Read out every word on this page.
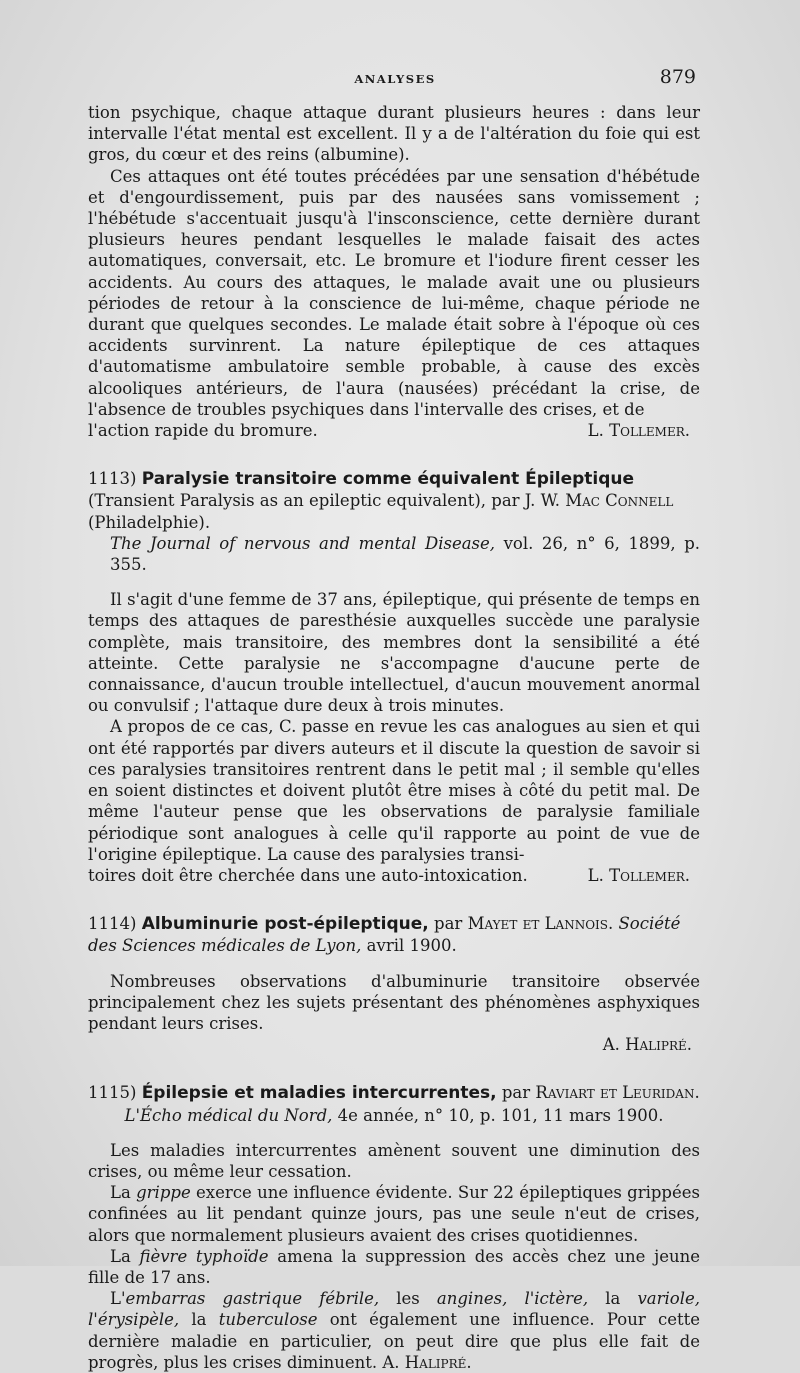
ANALYSES	879

tion psychique, chaque attaque durant plusieurs heures : dans leur intervalle l'état mental est excellent. Il y a de l'altération du foie qui est gros, du cœur et des reins (albumine).

Ces attaques ont été toutes précédées par une sensation d'hébétude et d'engourdissement, puis par des nausées sans vomissement ; l'hébétude s'accentuait jusqu'à l'insconscience, cette dernière durant plusieurs heures pendant lesquelles le malade faisait des actes automatiques, conversait, etc. Le bromure et l'iodure firent cesser les accidents. Au cours des attaques, le malade avait une ou plusieurs périodes de retour à la conscience de lui-même, chaque période ne durant que quelques secondes. Le malade était sobre à l'époque où ces accidents survinrent. La nature épileptique de ces attaques d'automatisme ambulatoire semble probable, à cause des excès alcooliques antérieurs, de l'aura (nausées) précédant la crise, de l'absence de troubles psychiques dans l'intervalle des crises, et de

l'action rapide du bromure.	L. Tollemer.

1113) Paralysie transitoire comme équivalent Épileptique (Transient Paralysis as an epileptic equivalent), par J. W. Mac Connell (Philadelphie).

The Journal of nervous and mental Disease, vol. 26, n° 6, 1899, p. 355.

Il s'agit d'une femme de 37 ans, épileptique, qui présente de temps en temps des attaques de paresthésie auxquelles succède une paralysie complète, mais transitoire, des membres dont la sensibilité a été atteinte. Cette paralysie ne s'accompagne d'aucune perte de connaissance, d'aucun trouble intellectuel, d'aucun mouvement anormal ou convulsif ; l'attaque dure deux à trois minutes.

A propos de ce cas, C. passe en revue les cas analogues au sien et qui ont été rapportés par divers auteurs et il discute la question de savoir si ces paralysies transitoires rentrent dans le petit mal ; il semble qu'elles en soient distinctes et doivent plutôt être mises à côté du petit mal. De même l'auteur pense que les observations de paralysie familiale périodique sont analogues à celle qu'il rapporte au point de vue de l'origine épileptique. La cause des paralysies transi-

toires doit être cherchée dans une auto-intoxication.	L. Tollemer.

1114) Albuminurie post-épileptique, par Mayet et Lannois. Société des Sciences médicales de Lyon, avril 1900.

Nombreuses observations d'albuminurie transitoire observée principalement chez les sujets présentant des phénomènes asphyxiques pendant leurs crises.

A. Halipré.

1115) Épilepsie et maladies intercurrentes, par Raviart et Leuridan.

L'Écho médical du Nord, 4e année, n° 10, p. 101, 11 mars 1900.

Les maladies intercurrentes amènent souvent une diminution des crises, ou même leur cessation.

La grippe exerce une influence évidente. Sur 22 épileptiques grippées confinées au lit pendant quinze jours, pas une seule n'eut de crises, alors que normalement plusieurs avaient des crises quotidiennes.

La fièvre typhoïde amena la suppression des accès chez une jeune fille de 17 ans.

L'embarras gastrique fébrile, les angines, l'ictère, la variole, l'érysipèle, la tuberculose ont également une influence. Pour cette dernière maladie en particulier, on peut dire que plus elle fait de progrès, plus les crises diminuent. A. Halipré.
